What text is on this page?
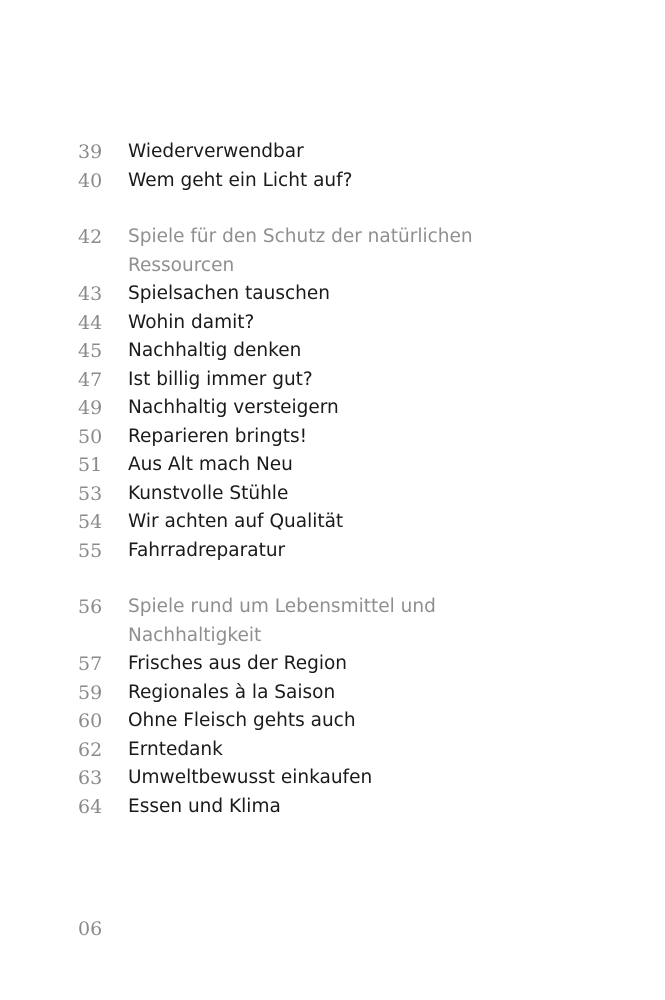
39	Wiederverwendbar
40	Wem geht ein Licht auf?
42	Spiele für den Schutz der natürlichen
Ressourcen
43	Spielsachen tauschen
44	Wohin damit?
45	Nachhaltig denken
47	Ist billig immer gut?
49	Nachhaltig versteigern
50	Reparieren bringts!
51	Aus Alt mach Neu
53	Kunstvolle Stühle
54	Wir achten auf Qualität
55	Fahrradreparatur
56	Spiele rund um Lebensmittel und
Nachhaltigkeit
57	Frisches aus der Region
59	Regionales à la Saison
60	Ohne Fleisch gehts auch
62	Erntedank
63	Umweltbewusst einkaufen
64	Essen und Klima
06
